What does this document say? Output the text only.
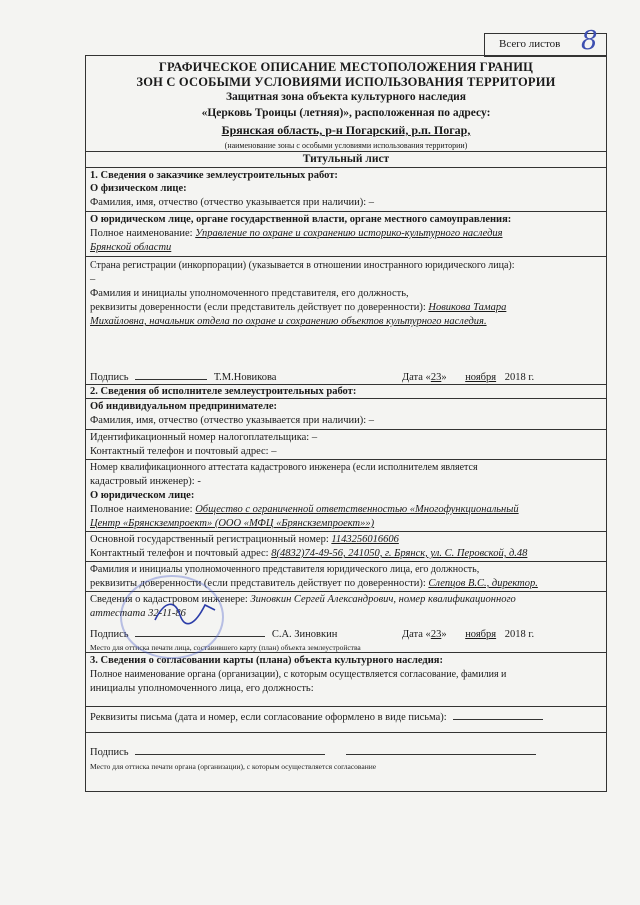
Всего листов 8
ГРАФИЧЕСКОЕ ОПИСАНИЕ МЕСТОПОЛОЖЕНИЯ ГРАНИЦ
ЗОН С ОСОБЫМИ УСЛОВИЯМИ ИСПОЛЬЗОВАНИЯ ТЕРРИТОРИИ
Защитная зона объекта культурного наследия
«Церковь Троицы (летняя)», расположенная по адресу:
Брянская область, р-н Погарский, р.п. Погар,
(наименование зоны с особыми условиями использования территории)
Титульный лист
1. Сведения о заказчике землеустроительных работ:
О физическом лице:
Фамилия, имя, отчество (отчество указывается при наличии): –
О юридическом лице, органе государственной власти, органе местного самоуправления:
Полное наименование: Управление по охране и сохранению историко-культурного наследия
Брянской области
Страна регистрации (инкорпорации) (указывается в отношении иностранного юридического лица):
–
Фамилия и инициалы уполномоченного представителя, его должность,
реквизиты доверенности (если представитель действует по доверенности): Новикова Тамара
Михайловна, начальник отдела по охране и сохранению объектов культурного наследия.
Подпись	Т.М.Новикова	Дата «23» ноября 2018 г.
2. Сведения об исполнителе землеустроительных работ:
Об индивидуальном предпринимателе:
Фамилия, имя, отчество (отчество указывается при наличии): –
Идентификационный номер налогоплательщика: –
Контактный телефон и почтовый адрес: –
Номер квалификационного аттестата кадастрового инженера (если исполнителем является
кадастровый инженер): -
О юридическом лице:
Полное наименование: Общество с ограниченной ответственностью «Многофункциональный
Центр «Брянскземпроект» (ООО «МФЦ «Брянскземпроект»»)
Основной государственный регистрационный номер: 1143256016606
Контактный телефон и почтовый адрес: 8(4832)74-49-56, 241050, г. Брянск, ул. С. Перовской, д.48
Фамилия и инициалы уполномоченного представителя юридического лица, его должность,
реквизиты доверенности (если представитель действует по доверенности): Слепцов В.С., директор.
Сведения о кадастровом инженере: Зиновкин Сергей Александрович, номер квалификационного
аттестата 32-11-86
Подпись	С.А. Зиновкин	Дата «23» ноября 2018 г.
Место для оттиска печати лица, составившего карту (план) объекта землеустройства
3. Сведения о согласовании карты (плана) объекта культурного наследия:
Полное наименование органа (организации), с которым осуществляется согласование, фамилия и
инициалы уполномоченного лица, его должность:
Реквизиты письма (дата и номер, если согласование оформлено в виде письма):
Подпись
Место для оттиска печати органа (организации), с которым осуществляется согласование
